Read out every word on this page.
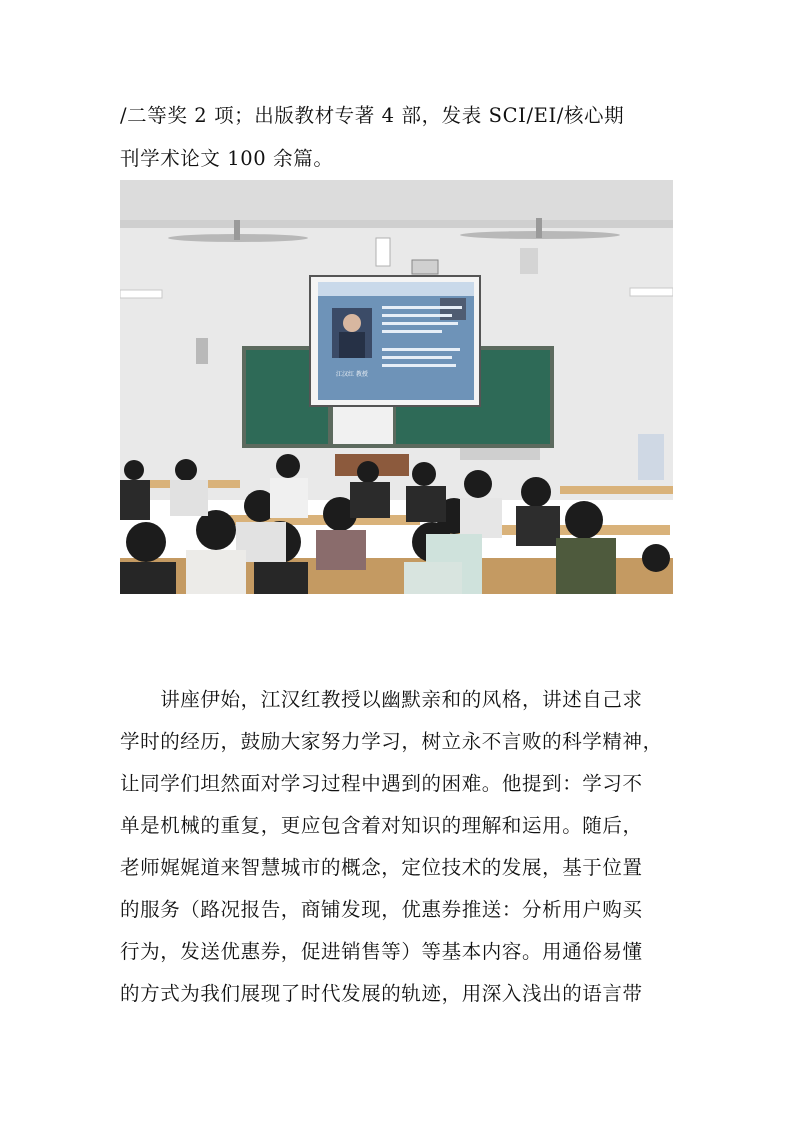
/二等奖 2 项；出版教材专著 4 部，发表 SCI/EI/核心期
刊学术论文 100 余篇。
江汉红 教授
　　讲座伊始，江汉红教授以幽默亲和的风格，讲述自己求
学时的经历，鼓励大家努力学习，树立永不言败的科学精神，
让同学们坦然面对学习过程中遇到的困难。他提到：学习不
单是机械的重复，更应包含着对知识的理解和运用。随后，
老师娓娓道来智慧城市的概念，定位技术的发展，基于位置
的服务（路况报告，商铺发现，优惠券推送：分析用户购买
行为，发送优惠券，促进销售等）等基本内容。用通俗易懂
的方式为我们展现了时代发展的轨迹，用深入浅出的语言带
